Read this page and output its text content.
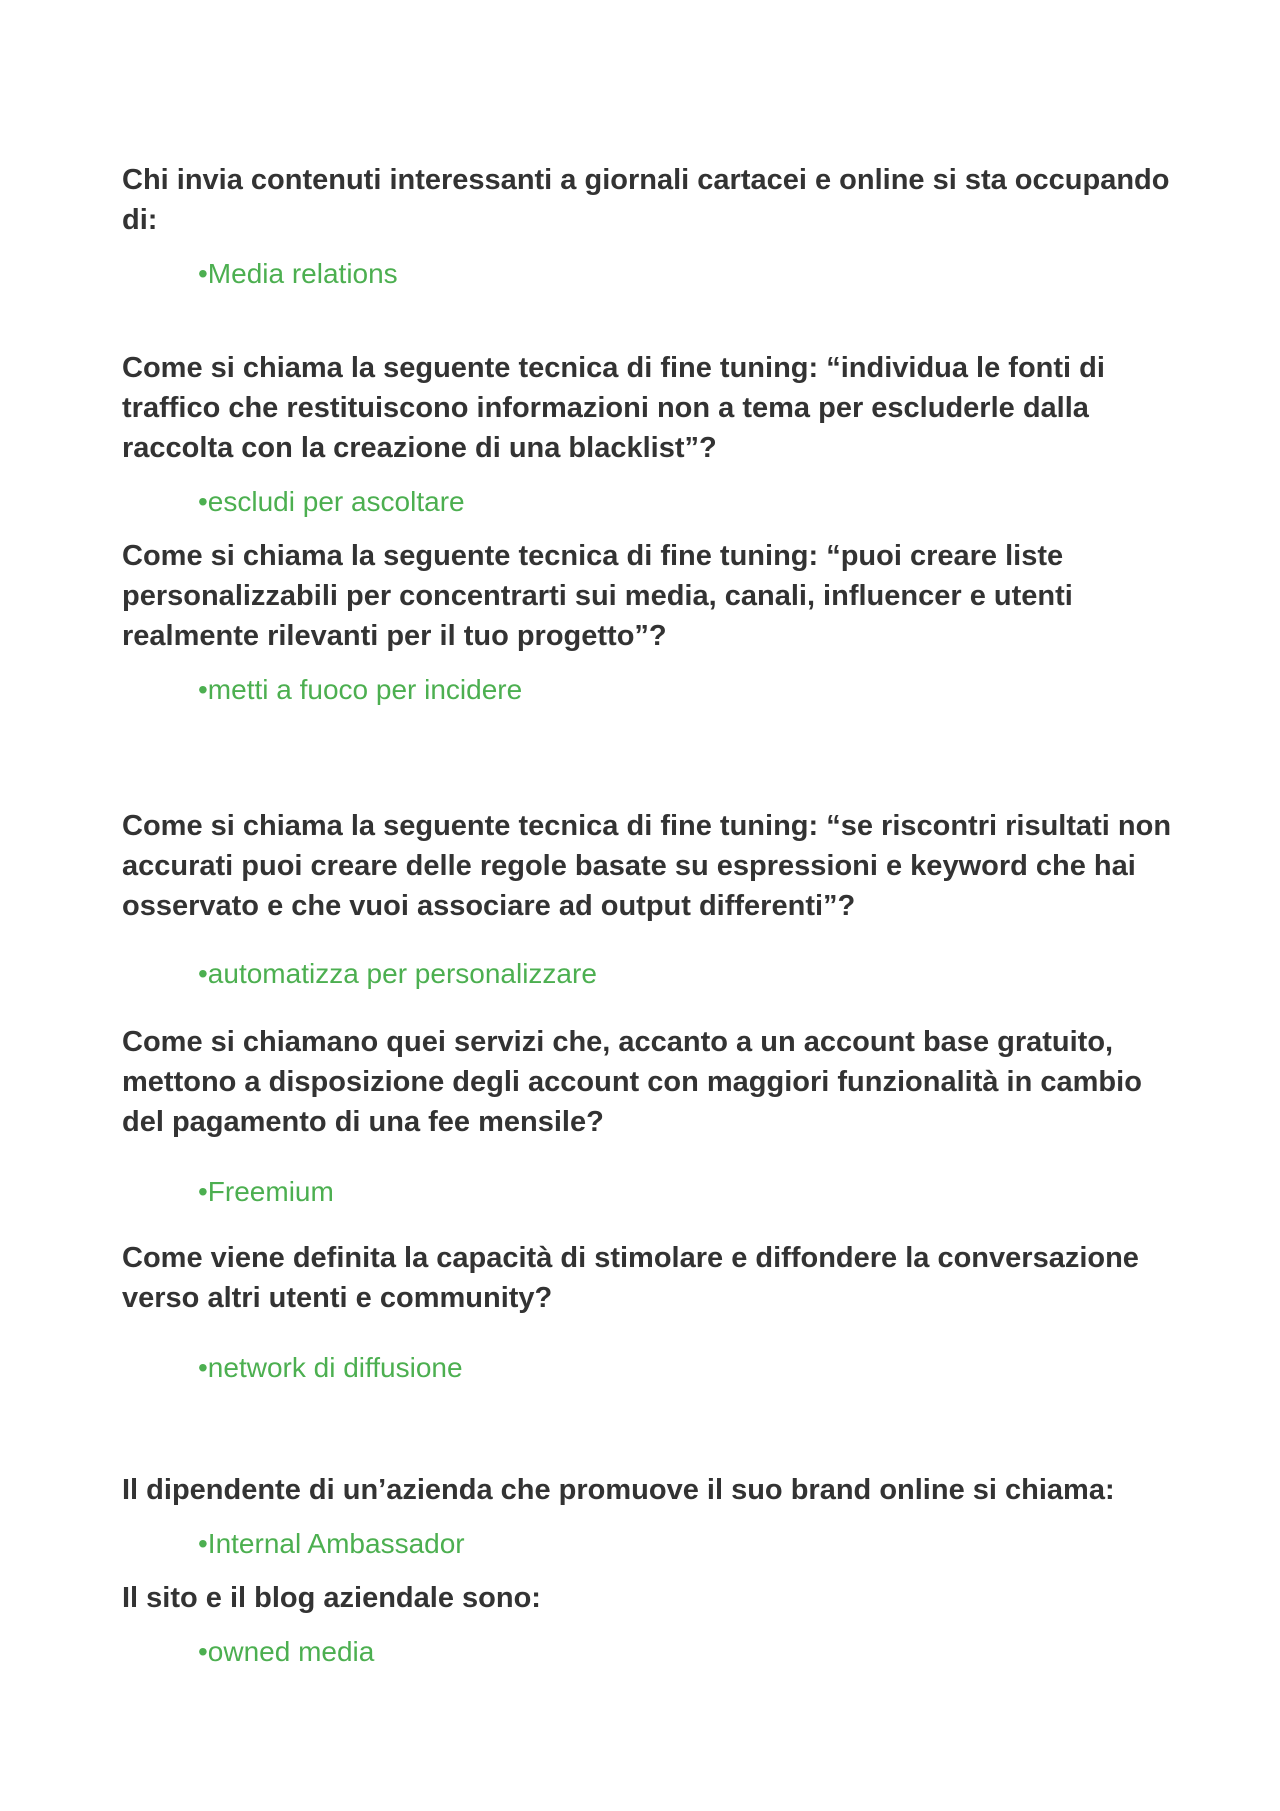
Chi invia contenuti interessanti a giornali cartacei e online si sta occupando di:

•Media relations

Come si chiama la seguente tecnica di fine tuning: “individua le fonti di traffico che restituiscono informazioni non a tema per escluderle dalla raccolta con la creazione di una blacklist”?

•escludi per ascoltare

Come si chiama la seguente tecnica di fine tuning: “puoi creare liste personalizzabili per concentrarti sui media, canali, influencer e utenti realmente rilevanti per il tuo progetto”?

•metti a fuoco per incidere

Come si chiama la seguente tecnica di fine tuning: “se riscontri risultati non accurati puoi creare delle regole basate su espressioni e keyword che hai osservato e che vuoi associare ad output differenti”?

•automatizza per personalizzare

Come si chiamano quei servizi che, accanto a un account base gratuito, mettono a disposizione degli account con maggiori funzionalità in cambio del pagamento di una fee mensile?

•Freemium

Come viene definita la capacità di stimolare e diffondere la conversazione verso altri utenti e community?

•network di diffusione

Il dipendente di un’azienda che promuove il suo brand online si chiama:

•Internal Ambassador

Il sito e il blog aziendale sono:

•owned media
